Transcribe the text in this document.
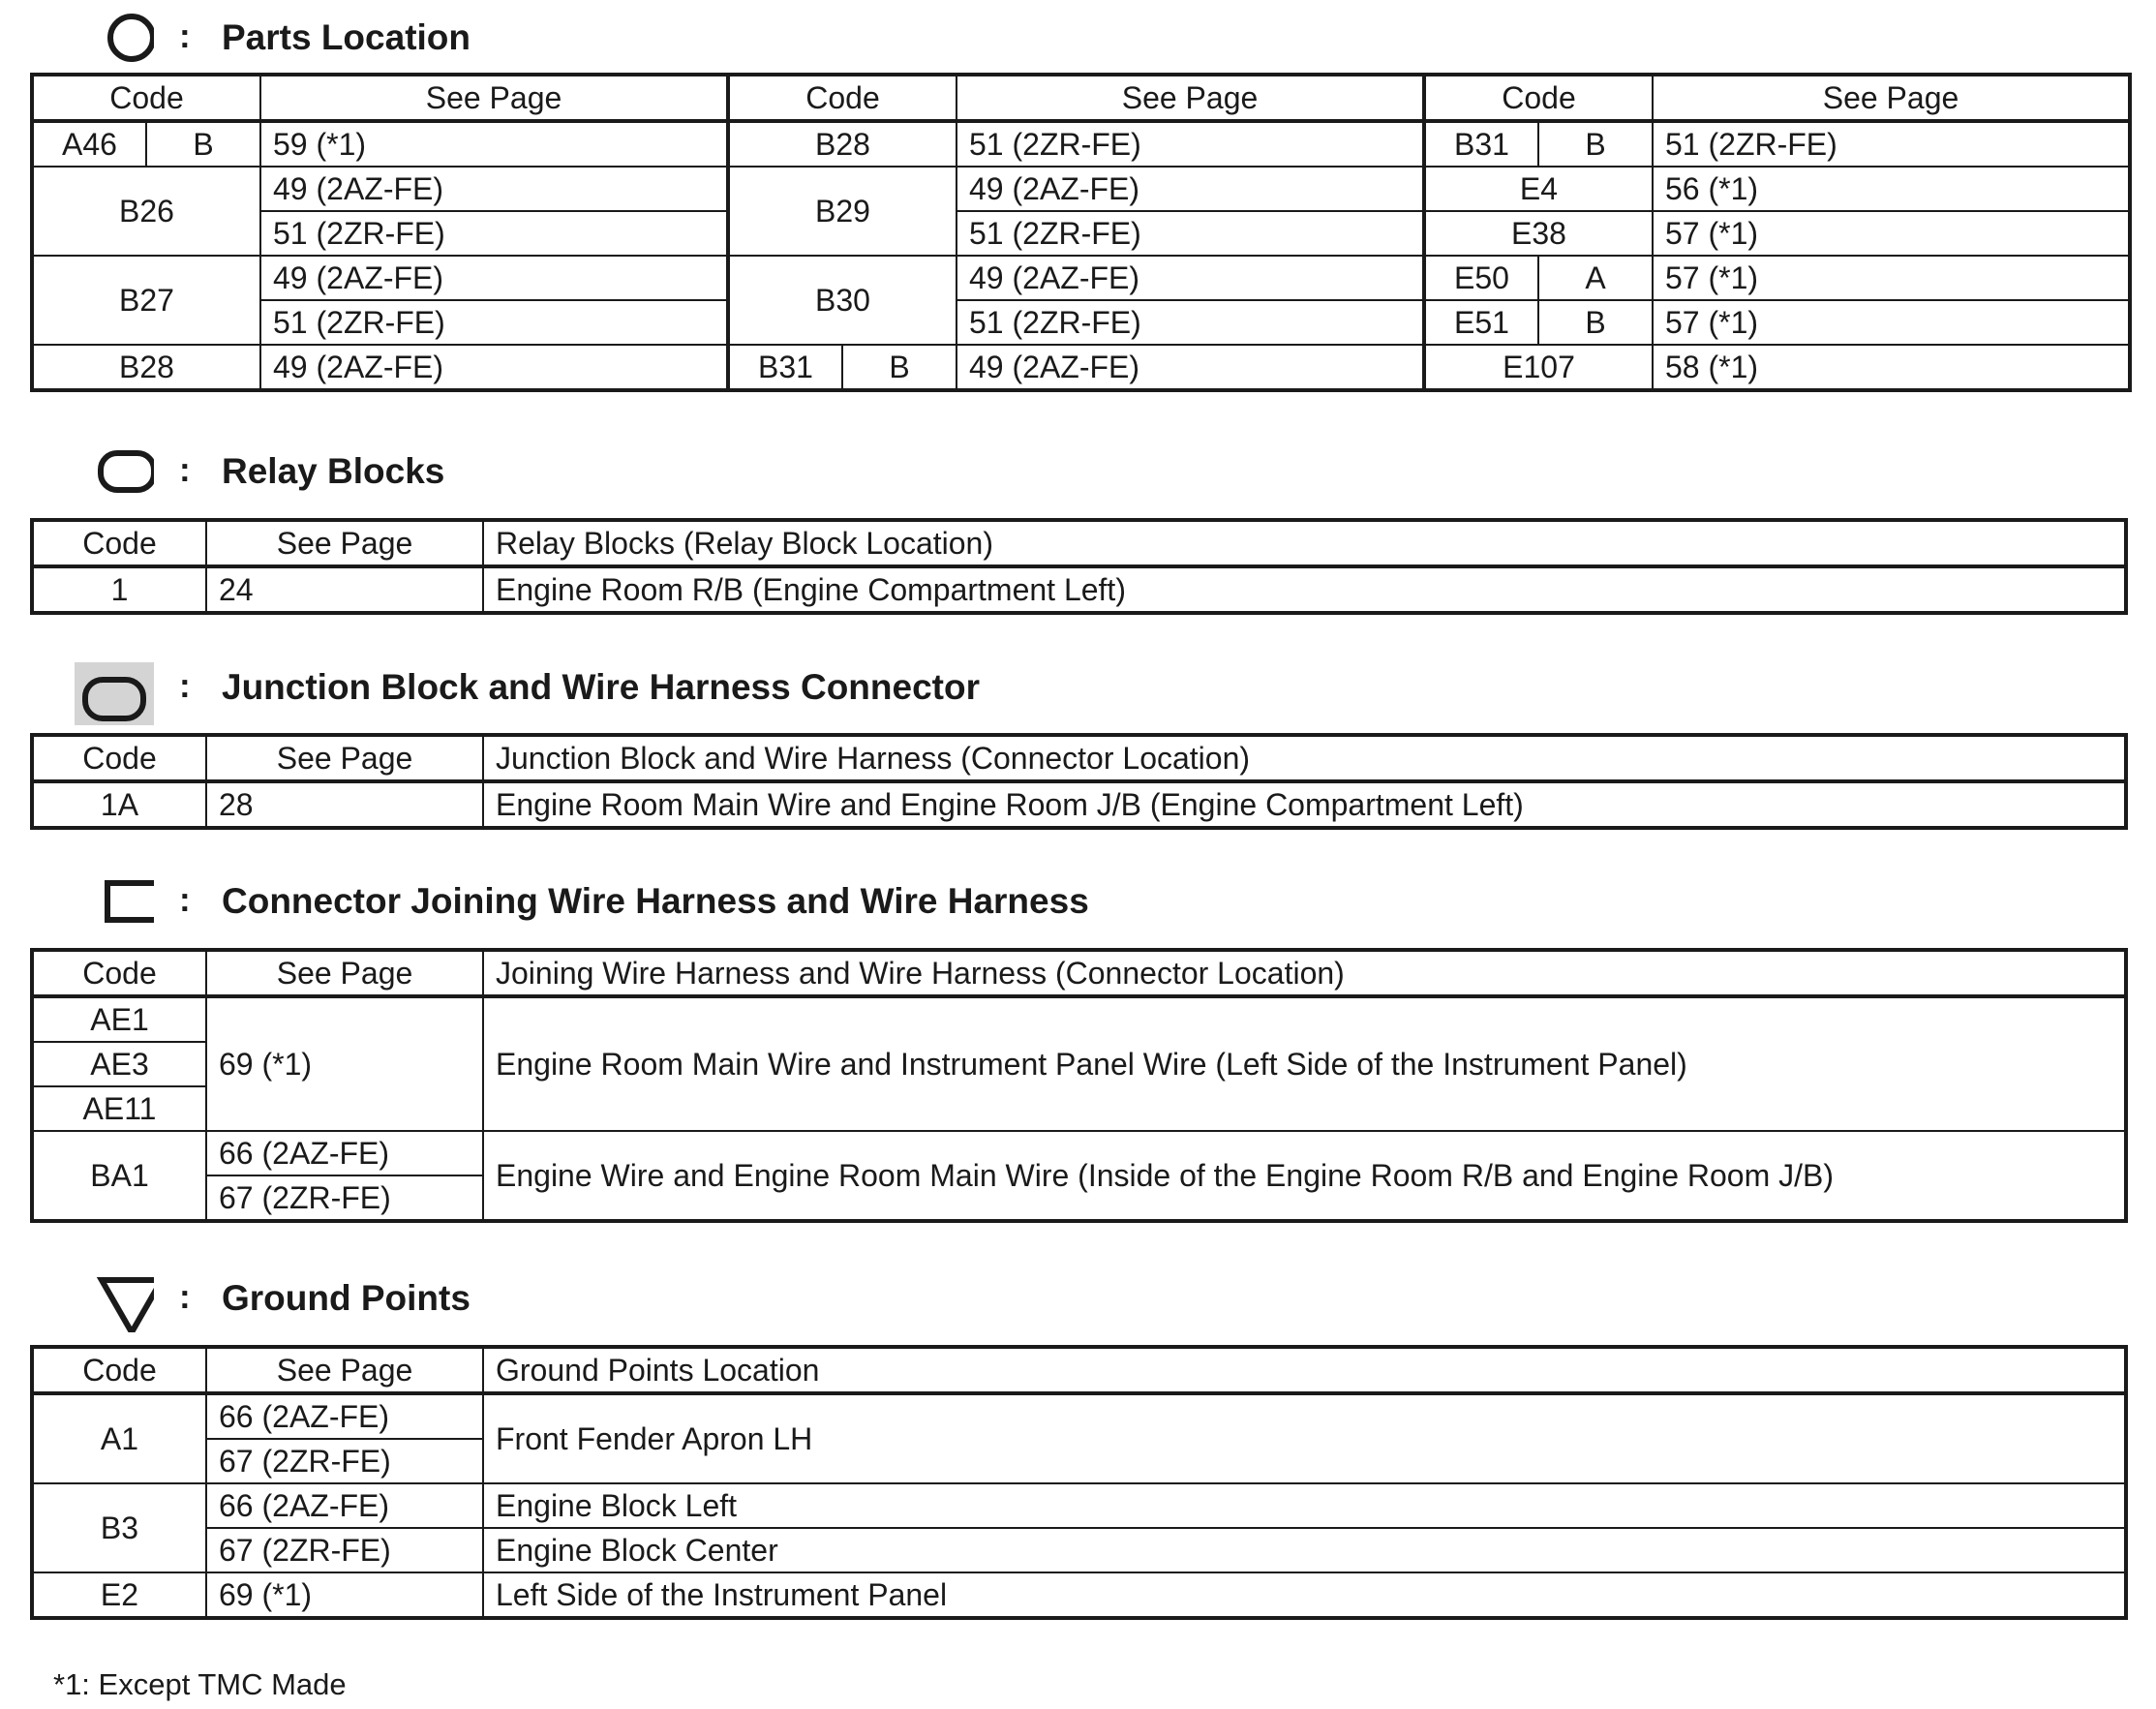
: Parts Location
Code		See Page	Code		See Page	Code		See Page
A46	B	59 (*1)	B28		51 (2ZR-FE)	B31	B	51 (2ZR-FE)
B26		49 (2AZ-FE)	B29		49 (2AZ-FE)	E4		56 (*1)
		51 (2ZR-FE)			51 (2ZR-FE)	E38		57 (*1)
B27		49 (2AZ-FE)	B30		49 (2AZ-FE)	E50	A	57 (*1)
		51 (2ZR-FE)			51 (2ZR-FE)	E51	B	57 (*1)
B28		49 (2AZ-FE)	B31	B	49 (2AZ-FE)	E107		58 (*1)
: Relay Blocks
Code	See Page	Relay Blocks (Relay Block Location)
1	24	Engine Room R/B (Engine Compartment Left)
: Junction Block and Wire Harness Connector
Code	See Page	Junction Block and Wire Harness (Connector Location)
1A	28	Engine Room Main Wire and Engine Room J/B (Engine Compartment Left)
: Connector Joining Wire Harness and Wire Harness
Code	See Page	Joining Wire Harness and Wire Harness (Connector Location)
AE1	69 (*1)	Engine Room Main Wire and Instrument Panel Wire (Left Side of the Instrument Panel)
AE3		
AE11		
BA1	66 (2AZ-FE)	Engine Wire and Engine Room Main Wire (Inside of the Engine Room R/B and Engine Room J/B)
	67 (2ZR-FE)	
: Ground Points
Code	See Page	Ground Points Location
A1	66 (2AZ-FE)	Front Fender Apron LH
	67 (2ZR-FE)	
B3	66 (2AZ-FE)	Engine Block Left
	67 (2ZR-FE)	Engine Block Center
E2	69 (*1)	Left Side of the Instrument Panel
*1: Except TMC Made
